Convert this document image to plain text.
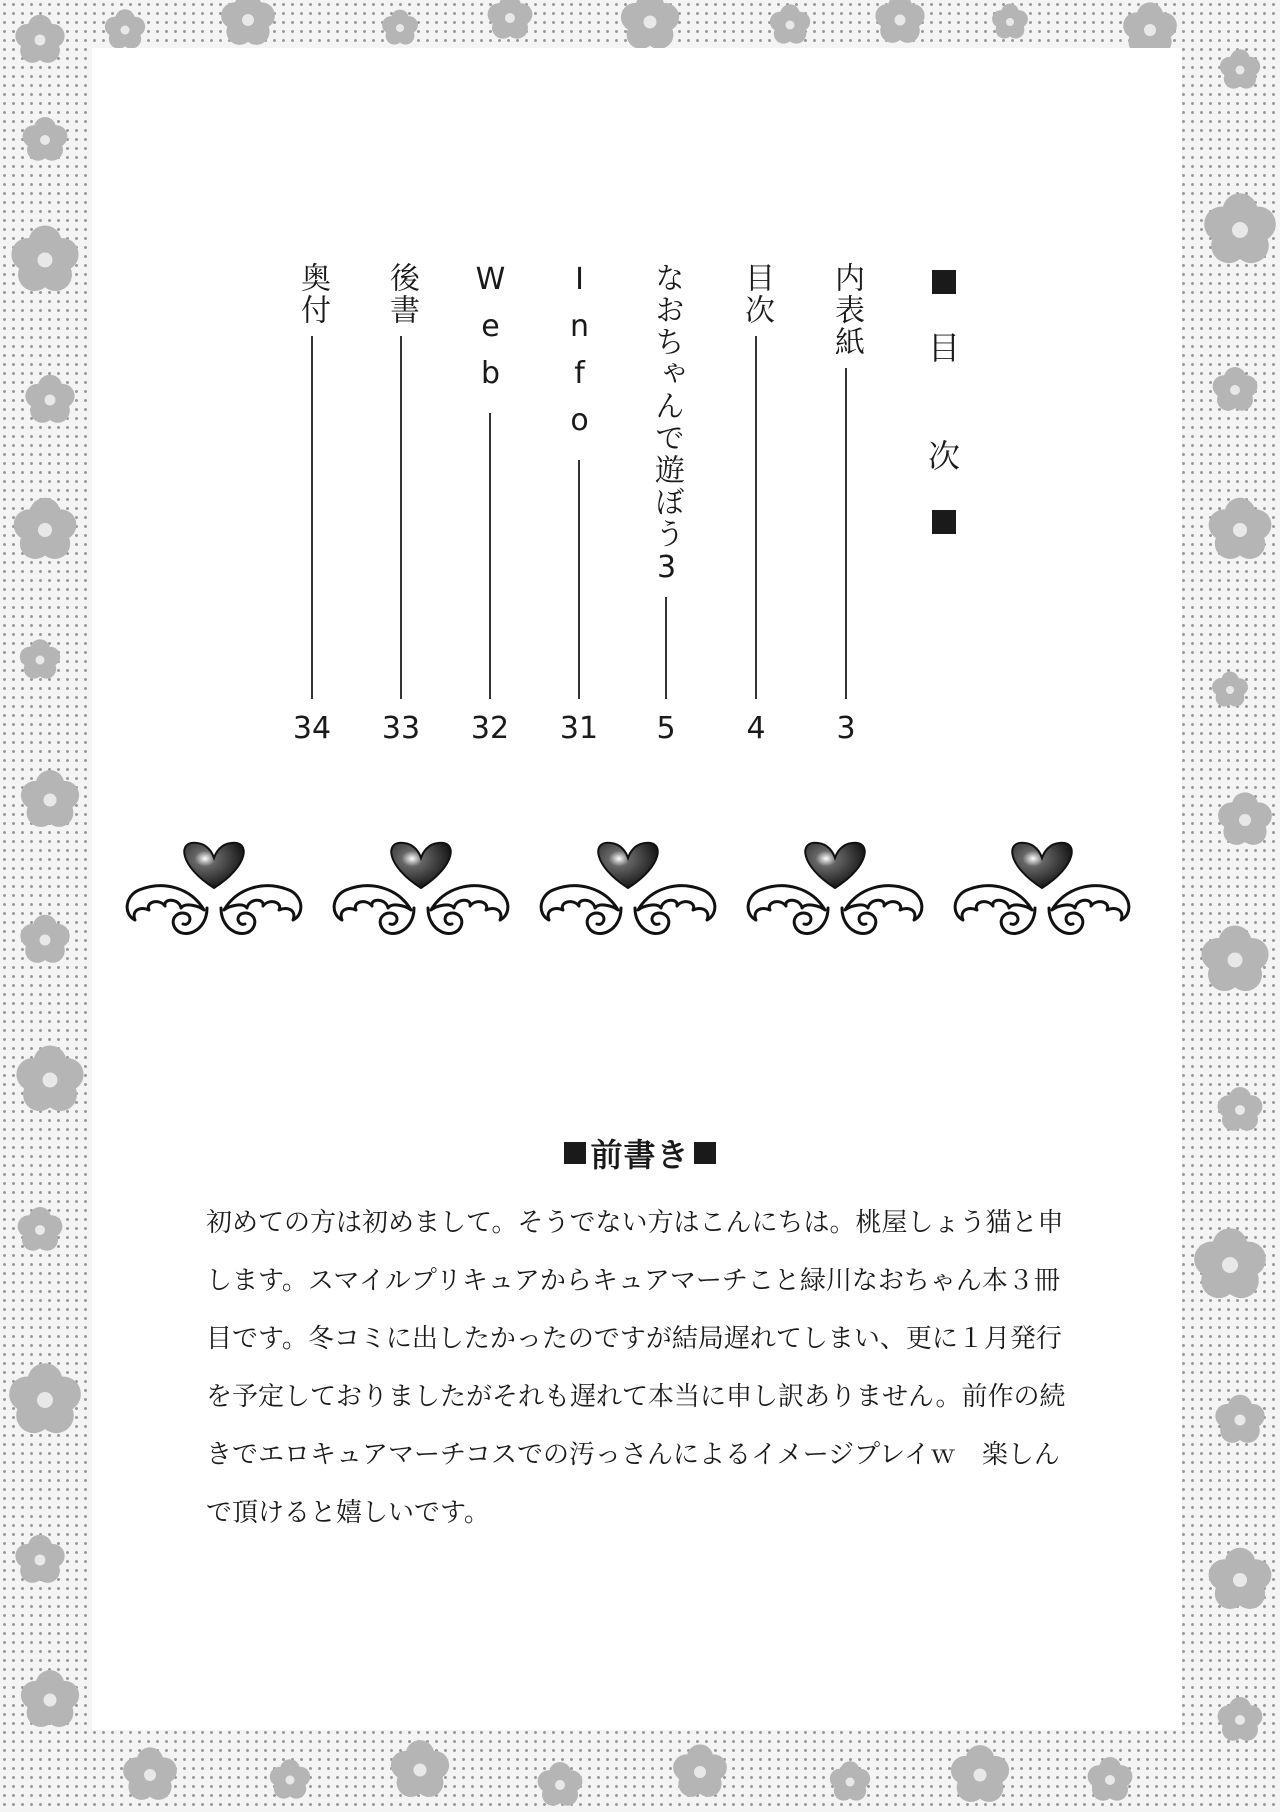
目
次
内表紙
3
目次
4
なおちゃんで遊ぼう3
5
Info
31
Web
32
後書
33
奥付
34
前書き
初めての方は初めまして。そうでない方はこんにちは。桃屋しょう猫と申
します。スマイルプリキュアからキュアマーチこと緑川なおちゃん本３冊
目です。冬コミに出したかったのですが結局遅れてしまい、更に１月発行
を予定しておりましたがそれも遅れて本当に申し訳ありません。前作の続
きでエロキュアマーチコスでの汚っさんによるイメージプレイｗ　楽しん
で頂けると嬉しいです。
